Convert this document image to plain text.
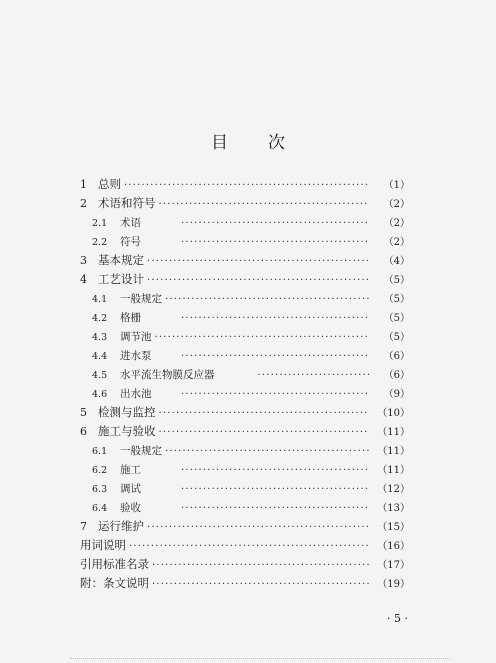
目 次
1 总则 ·····	（1）
2 术语和符号 ·····	（2）
2.1	术语 ·····	（2）
2.2	符号 ·····	（2）
3 基本规定 ·····	（4）
4 工艺设计 ·····	（5）
4.1	一般规定 ·····	（5）
4.2	格栅 ·····	（5）
4.3	调节池 ·····	（5）
4.4	进水泵 ·····	（6）
4.5	水平流生物膜反应器 ·····	（6）
4.6	出水池 ·····	（9）
5 检测与监控 ·····	（10）
6 施工与验收 ·····	（11）
6.1	一般规定 ·····	（11）
6.2	施工 ·····	（11）
6.3	调试 ·····	（12）
6.4	验收 ·····	（13）
7 运行维护 ·····	（15）
用词说明 ·····	（16）
引用标准名录 ·····	（17）
附：条文说明 ·····	（19）
· 5 ·
